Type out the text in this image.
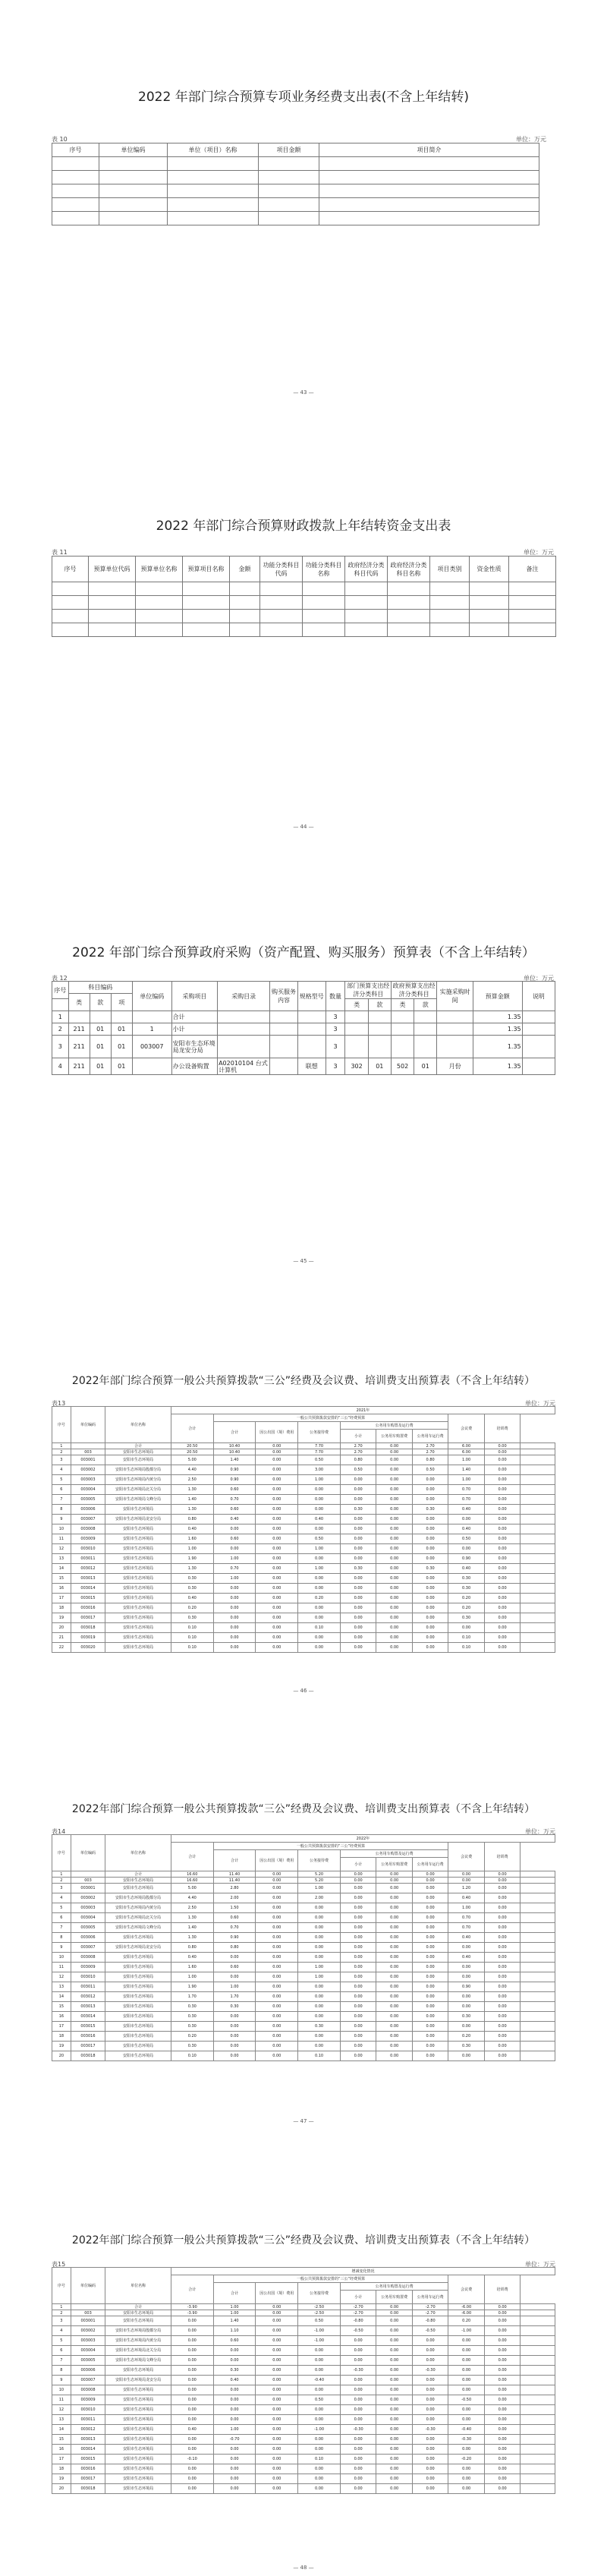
2022 年部门综合预算专项业务经费支出表(不含上年结转)
表 10	单位：万元
序号	单位编码	单位（项目）名称	项目金额	项目简介

— 43 —
2022 年部门综合预算财政拨款上年结转资金支出表
表 11	单位：万元
序号	预算单位代码	预算单位名称	预算项目名称	金额	功能分类科目代码	功能分类科目名称	政府经济分类科目代码	政府经济分类科目名称	项目类别	资金性质	备注

— 44 —
2022 年部门综合预算政府采购（资产配置、购买服务）预算表（不含上年结转）
表 12	单位：万元
序号	科目编码			单位编码	采购项目	采购目录	购买服务内容	规格型号	数量	部门预算支出经济分类科目		政府预算支出经济分类科目		实施采购时间	预算金额	说明
	类	款	项													
										类	款	类	款			
1					合计				3						1.35	
2	211	01	01	1	小计				3						1.35	
3	211	01	01	003007	安阳市生态环境局龙安分局				3						1.35	
4	211	01	01		办公设备购置	A02010104 台式计算机		联想	3	302	01	502	01	月份	1.35	
— 45 —
2022年部门综合预算一般公共预算拨款“三公”经费及会议费、培训费支出预算表（不含上年结转）
表13	单位：万元
序号	单位编码	单位名称	2021年									
			合计	一般公共预算拨款安排的“三公”经费预算						会议费	培训费	
				合计	因公出国（境）费用	公务接待费	公务用车购置及运行费					
							小计	公务用车购置费	公务用车运行费			

1		合计	20.50	10.40	0.00	7.70	2.70	0.00	2.70	6.00	0.00	
2	003	安阳市生态环境局	20.50	10.40	0.00	7.70	2.70	0.00	2.70	6.00	0.00	
3	003001	安阳市生态环境局	5.00	1.40	0.00	0.50	0.80	0.00	0.80	1.00	0.00	
4	003002	安阳市生态环境局殷都分局	4.40	0.90	0.00	3.00	0.50	0.00	0.50	1.40	0.00	
5	003003	安阳市生态环境局内黄分局	2.50	0.90	0.00	1.00	0.00	0.00	0.00	1.00	0.00	
6	003004	安阳市生态环境局北关分局	1.30	0.60	0.00	0.00	0.00	0.00	0.00	0.70	0.00	
7	003005	安阳市生态环境局文峰分局	1.40	0.70	0.00	0.00	0.00	0.00	0.00	0.70	0.00	
8	003006	安阳市生态环境局	1.30	0.60	0.00	0.00	0.30	0.00	0.30	0.40	0.00	
9	003007	安阳市生态环境局龙安分局	0.80	0.40	0.00	0.40	0.00	0.00	0.00	0.00	0.00	
10	003008	安阳市生态环境局	0.40	0.00	0.00	0.00	0.00	0.00	0.00	0.40	0.00	
11	003009	安阳市生态环境局	1.60	0.60	0.00	0.50	0.00	0.00	0.00	0.50	0.00	
12	003010	安阳市生态环境局	1.00	0.00	0.00	1.00	0.00	0.00	0.00	0.00	0.00	
13	003011	安阳市生态环境局	1.90	1.00	0.00	0.00	0.00	0.00	0.00	0.90	0.00	
14	003012	安阳市生态环境局	1.30	0.70	0.00	1.00	0.30	0.00	0.30	0.40	0.00	
15	003013	安阳市生态环境局	0.30	1.00	0.00	0.00	0.00	0.00	0.00	0.30	0.00	
16	003014	安阳市生态环境局	0.30	0.00	0.00	0.00	0.00	0.00	0.00	0.30	0.00	
17	003015	安阳市生态环境局	0.40	0.00	0.00	0.20	0.00	0.00	0.00	0.20	0.00	
18	003016	安阳市生态环境局	0.20	0.00	0.00	0.00	0.00	0.00	0.00	0.20	0.00	
19	003017	安阳市生态环境局	0.30	0.00	0.00	0.00	0.00	0.00	0.00	0.30	0.00	
20	003018	安阳市生态环境局	0.10	0.00	0.00	0.10	0.00	0.00	0.00	0.00	0.00	
21	003019	安阳市生态环境局	0.10	0.00	0.00	0.00	0.00	0.00	0.00	0.10	0.00	
22	003020	安阳市生态环境局	0.10	0.00	0.00	0.00	0.00	0.00	0.00	0.10	0.00	
— 46 —
2022年部门综合预算一般公共预算拨款“三公”经费及会议费、培训费支出预算表（不含上年结转）
表14	单位：万元
序号	单位编码	单位名称	2022年									
			合计	一般公共预算拨款安排的“三公”经费预算						会议费	培训费	
				合计	因公出国（境）费用	公务接待费	公务用车购置及运行费					
							小计	公务用车购置费	公务用车运行费			

1		合计	16.60	11.40	0.00	5.20	0.00	0.00	0.00	0.00	0.00	
2	003	安阳市生态环境局	16.60	11.40	0.00	5.20	0.00	0.00	0.00	0.00	0.00	
3	003001	安阳市生态环境局	5.00	2.80	0.00	1.00	0.00	0.00	0.00	1.20	0.00	
4	003002	安阳市生态环境局殷都分局	4.40	2.00	0.00	2.00	0.00	0.00	0.00	0.40	0.00	
5	003003	安阳市生态环境局内黄分局	2.50	1.50	0.00	0.00	0.00	0.00	0.00	1.00	0.00	
6	003004	安阳市生态环境局北关分局	1.30	0.60	0.00	0.00	0.00	0.00	0.00	0.70	0.00	
7	003005	安阳市生态环境局文峰分局	1.40	0.70	0.00	0.00	0.00	0.00	0.00	0.70	0.00	
8	003006	安阳市生态环境局	1.30	0.90	0.00	0.00	0.00	0.00	0.00	0.40	0.00	
9	003007	安阳市生态环境局龙安分局	0.80	0.80	0.00	0.00	0.00	0.00	0.00	0.00	0.00	
10	003008	安阳市生态环境局	0.40	0.00	0.00	0.00	0.00	0.00	0.00	0.40	0.00	
11	003009	安阳市生态环境局	1.60	0.60	0.00	1.00	0.00	0.00	0.00	0.00	0.00	
12	003010	安阳市生态环境局	1.00	0.00	0.00	1.00	0.00	0.00	0.00	0.00	0.00	
13	003011	安阳市生态环境局	1.90	1.00	0.00	0.00	0.00	0.00	0.00	0.90	0.00	
14	003012	安阳市生态环境局	1.70	1.70	0.00	0.00	0.00	0.00	0.00	0.00	0.00	
15	003013	安阳市生态环境局	0.30	0.30	0.00	0.00	0.00	0.00	0.00	0.00	0.00	
16	003014	安阳市生态环境局	0.30	0.00	0.00	0.00	0.00	0.00	0.00	0.30	0.00	
17	003015	安阳市生态环境局	0.30	0.00	0.00	0.30	0.00	0.00	0.00	0.00	0.00	
18	003016	安阳市生态环境局	0.20	0.00	0.00	0.00	0.00	0.00	0.00	0.20	0.00	
19	003017	安阳市生态环境局	0.30	0.00	0.00	0.00	0.00	0.00	0.00	0.30	0.00	
20	003018	安阳市生态环境局	0.10	0.00	0.00	0.10	0.00	0.00	0.00	0.00	0.00	
— 47 —
2022年部门综合预算一般公共预算拨款“三公”经费及会议费、培训费支出预算表（不含上年结转）
表15	单位：万元
序号	单位编码	单位名称	增减变化情况									
			合计	一般公共预算拨款安排的“三公”经费预算						会议费	培训费	
				合计	因公出国（境）费用	公务接待费	公务用车购置及运行费					
							小计	公务用车购置费	公务用车运行费			

1		合计	-3.90	1.00	0.00	-2.50	-2.70	0.00	-2.70	-6.00	0.00	
2	003	安阳市生态环境局	-3.90	1.00	0.00	-2.50	-2.70	0.00	-2.70	-6.00	0.00	
3	003001	安阳市生态环境局	0.00	1.40	0.00	0.50	-0.80	0.00	-0.80	0.20	0.00	
4	003002	安阳市生态环境局殷都分局	0.00	1.10	0.00	-1.00	-0.50	0.00	-0.50	-1.00	0.00	
5	003003	安阳市生态环境局内黄分局	0.00	0.60	0.00	-1.00	0.00	0.00	0.00	0.00	0.00	
6	003004	安阳市生态环境局北关分局	0.00	0.00	0.00	0.00	0.00	0.00	0.00	0.00	0.00	
7	003005	安阳市生态环境局文峰分局	0.00	0.00	0.00	0.00	0.00	0.00	0.00	0.00	0.00	
8	003006	安阳市生态环境局	0.00	0.30	0.00	0.00	-0.30	0.00	-0.30	0.00	0.00	
9	003007	安阳市生态环境局龙安分局	0.00	0.40	0.00	-0.40	0.00	0.00	0.00	0.00	0.00	
10	003008	安阳市生态环境局	0.00	0.00	0.00	0.00	0.00	0.00	0.00	0.00	0.00	
11	003009	安阳市生态环境局	0.00	0.00	0.00	0.50	0.00	0.00	0.00	-0.50	0.00	
12	003010	安阳市生态环境局	0.00	0.00	0.00	0.00	0.00	0.00	0.00	0.00	0.00	
13	003011	安阳市生态环境局	0.00	0.00	0.00	0.00	0.00	0.00	0.00	0.00	0.00	
14	003012	安阳市生态环境局	0.40	1.00	0.00	-1.00	-0.30	0.00	-0.30	-0.40	0.00	
15	003013	安阳市生态环境局	0.00	-0.70	0.00	0.00	0.00	0.00	0.00	-0.30	0.00	
16	003014	安阳市生态环境局	0.00	0.00	0.00	0.00	0.00	0.00	0.00	0.00	0.00	
17	003015	安阳市生态环境局	-0.10	0.00	0.00	0.10	0.00	0.00	0.00	-0.20	0.00	
18	003016	安阳市生态环境局	0.00	0.00	0.00	0.00	0.00	0.00	0.00	0.00	0.00	
19	003017	安阳市生态环境局	0.00	0.00	0.00	0.00	0.00	0.00	0.00	0.00	0.00	
20	003018	安阳市生态环境局	0.00	0.00	0.00	0.00	0.00	0.00	0.00	0.00	0.00	
— 48 —
